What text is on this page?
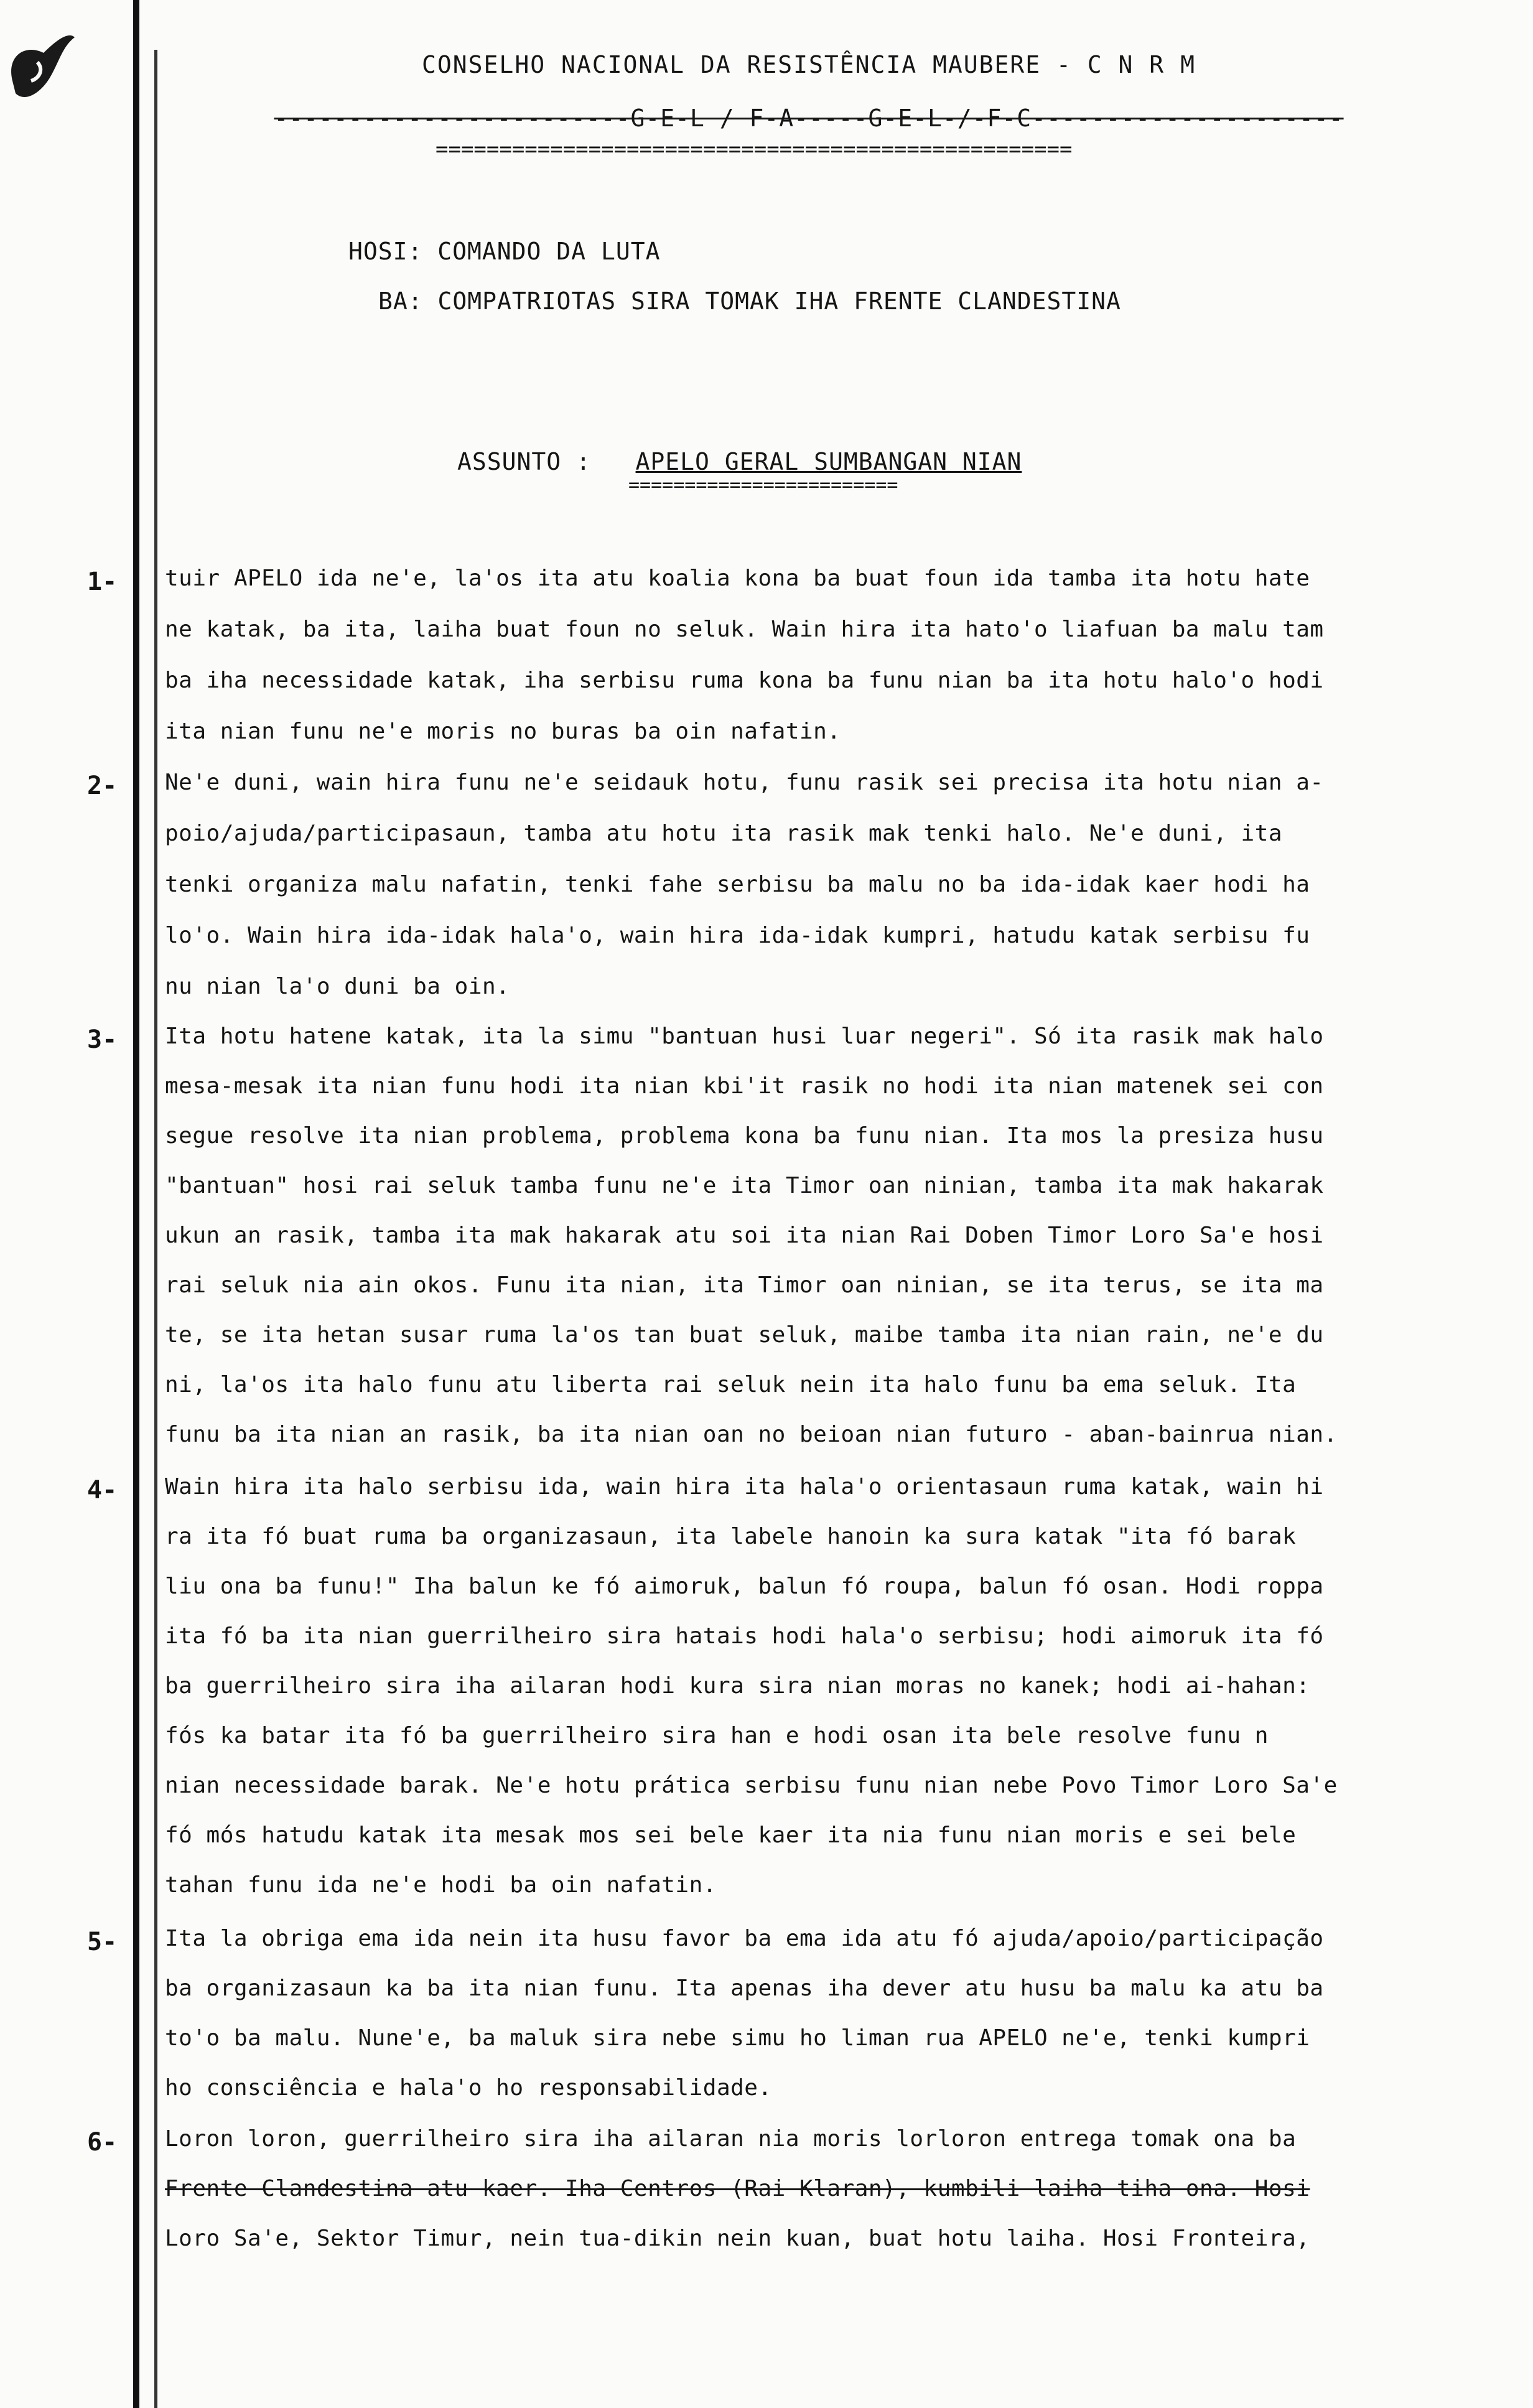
CONSELHO NACIONAL DA RESISTÊNCIA MAUBERE - C N R M
------------------------G-E-L / F-A-----G-E-L-/-F-C---------------------
==================================================
HOSI: COMANDO DA LUTA
BA: COMPATRIOTAS SIRA TOMAK IHA FRENTE CLANDESTINA
ASSUNTO : APELO GERAL SUMBANGAN NIAN
========================
1-
2-
3-
4-
5-
6-
tuir APELO ida ne'e, la'os ita atu koalia kona ba buat foun ida tamba ita hotu hate
ne katak, ba ita, laiha buat foun no seluk. Wain hira ita hato'o liafuan ba malu tam
ba iha necessidade katak, iha serbisu ruma kona ba funu nian ba ita hotu halo'o hodi
ita nian funu ne'e moris no buras ba oin nafatin.
Ne'e duni, wain hira funu ne'e seidauk hotu, funu rasik sei precisa ita hotu nian a-
poio/ajuda/participasaun, tamba atu hotu ita rasik mak tenki halo. Ne'e duni, ita
tenki organiza malu nafatin, tenki fahe serbisu ba malu no ba ida-idak kaer hodi ha
lo'o. Wain hira ida-idak hala'o, wain hira ida-idak kumpri, hatudu katak serbisu fu
nu nian la'o duni ba oin.
Ita hotu hatene katak, ita la simu "bantuan husi luar negeri". Só ita rasik mak halo
mesa-mesak ita nian funu hodi ita nian kbi'it rasik no hodi ita nian matenek sei con
segue resolve ita nian problema, problema kona ba funu nian. Ita mos la presiza husu
"bantuan" hosi rai seluk tamba funu ne'e ita Timor oan ninian, tamba ita mak hakarak
ukun an rasik, tamba ita mak hakarak atu soi ita nian Rai Doben Timor Loro Sa'e hosi
rai seluk nia ain okos. Funu ita nian, ita Timor oan ninian, se ita terus, se ita ma
te, se ita hetan susar ruma la'os tan buat seluk, maibe tamba ita nian rain, ne'e du
ni, la'os ita halo funu atu liberta rai seluk nein ita halo funu ba ema seluk. Ita
funu ba ita nian an rasik, ba ita nian oan no beioan nian futuro - aban-bainrua nian.
Wain hira ita halo serbisu ida, wain hira ita hala'o orientasaun ruma katak, wain hi
ra ita fó buat ruma ba organizasaun, ita labele hanoin ka sura katak "ita fó barak
liu ona ba funu!" Iha balun ke fó aimoruk, balun fó roupa, balun fó osan. Hodi roppa
ita fó ba ita nian guerrilheiro sira hatais hodi hala'o serbisu; hodi aimoruk ita fó
ba guerrilheiro sira iha ailaran hodi kura sira nian moras no kanek; hodi ai-hahan:
fós ka batar ita fó ba guerrilheiro sira han e hodi osan ita bele resolve funu n
nian necessidade barak. Ne'e hotu prática serbisu funu nian nebe Povo Timor Loro Sa'e
fó mós hatudu katak ita mesak mos sei bele kaer ita nia funu nian moris e sei bele
tahan funu ida ne'e hodi ba oin nafatin.
Ita la obriga ema ida nein ita husu favor ba ema ida atu fó ajuda/apoio/participação
ba organizasaun ka ba ita nian funu. Ita apenas iha dever atu husu ba malu ka atu ba
to'o ba malu. Nune'e, ba maluk sira nebe simu ho liman rua APELO ne'e, tenki kumpri
ho consciência e hala'o ho responsabilidade.
Loron loron, guerrilheiro sira iha ailaran nia moris lorloron entrega tomak ona ba
Frente Clandestina atu kaer. Iha Centros (Rai Klaran), kumbili laiha tiha ona. Hosi
Loro Sa'e, Sektor Timur, nein tua-dikin nein kuan, buat hotu laiha. Hosi Fronteira,
